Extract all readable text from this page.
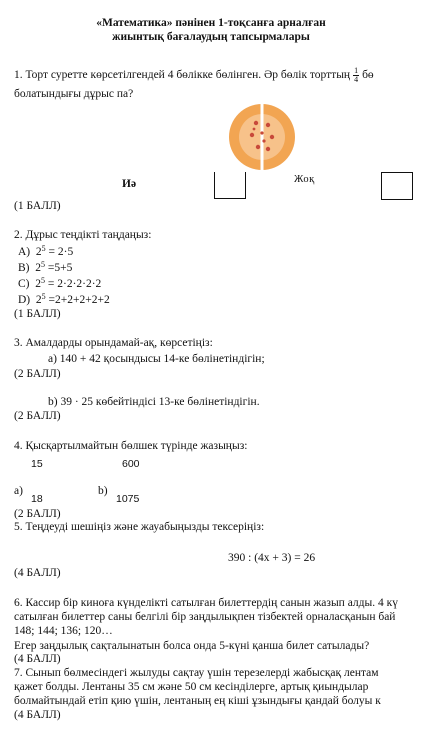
«Математика» пәнінен 1-тоқсанға арналған
жиынтық бағалаудың тапсырмалары
1. Торт суретте көрсетілгендей 4 бөлікке бөлінген. Әр бөлік торттың $\frac{1}{4}$ бө
болатындығы дұрыс па?
Иә	Жоқ
(1 БАЛЛ)
2. Дұрыс теңдікті таңдаңыз:
A) $2^5 = 2\cdot 5$
B) $2^5 =5+5$
C) $2^5 = 2\cdot 2\cdot 2\cdot 2\cdot 2$
D) $2^5 =2+2+2+2+2$
(1 БАЛЛ)
3. Амалдарды орындамай-ақ, көрсетіңіз:
а) 140 + 42 қосындысы 14-ке бөлінетіндігін;
(2 БАЛЛ)
b) 39 · 25 көбейтіндісі 13-ке бөлінетіндігін.
(2 БАЛЛ)
4. Қысқартылмайтын бөлшек түрінде жазыңыз:
15	600
а)
18
b)
1075
(2 БАЛЛ)
5. Теңдеуді шешіңіз және жауабыңызды тексеріңіз:
390 : (4x + 3) = 26
(4 БАЛЛ)
6. Кассир бір киноға күнделікті сатылған билеттердің санын жазып алды. 4 кү
сатылған билеттер саны белгілі бір заңдылықпен тізбектей орналасқанын бай
148; 144; 136; 120…
Егер заңдылық сақталынатын болса онда 5-күні қанша билет сатылады?
(4 БАЛЛ)
7. Сынып бөлмесіндегі жылуды сақтау үшін терезелерді жабысқақ лентам
қажет болды. Лентаны 35 см және 50 см кесінділерге, артық қиындылар
болмайтындай етіп қию үшін, лентаның ең кіші ұзындығы қандай болуы к
(4 БАЛЛ)
